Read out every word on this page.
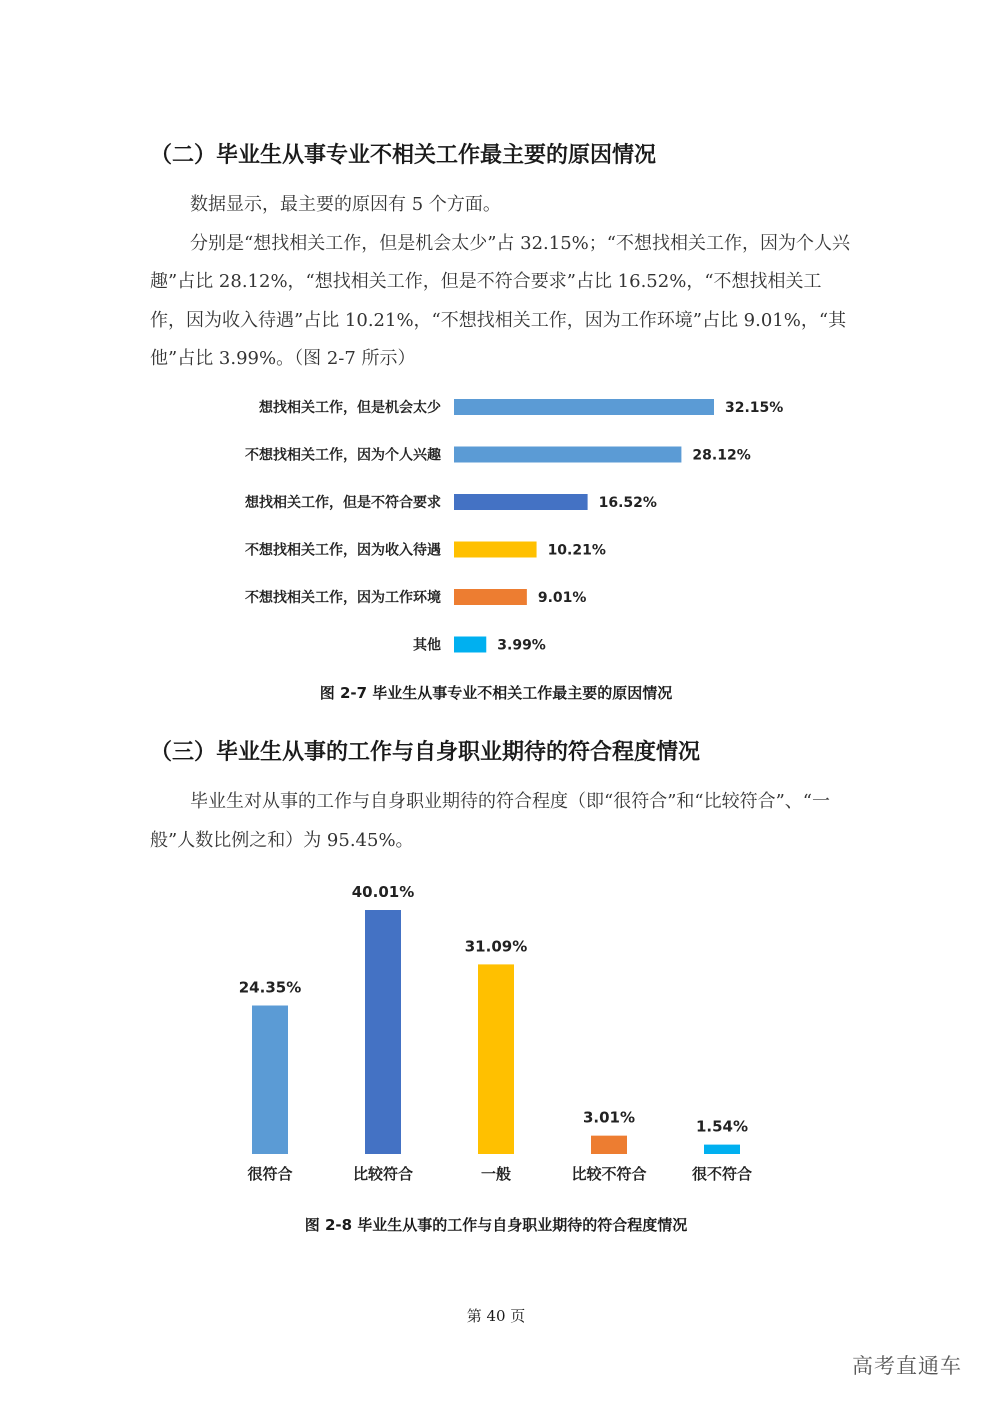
（二）毕业生从事专业不相关工作最主要的原因情况

数据显示，最主要的原因有 5 个方面。

分别是“想找相关工作，但是机会太少”占 32.15%；“不想找相关工作，因为个人兴趣”占比 28.12%，“想找相关工作，但是不符合要求”占比 16.52%，“不想找相关工作，因为收入待遇”占比 10.21%，“不想找相关工作，因为工作环境”占比 9.01%，“其他”占比 3.99%。（图 2-7 所示）

想找相关工作，但是机会太少	32.15%
不想找相关工作，因为个人兴趣	28.12%
想找相关工作，但是不符合要求	16.52%
不想找相关工作，因为收入待遇	10.21%
不想找相关工作，因为工作环境	9.01%
其他	3.99%
图 2-7 毕业生从事专业不相关工作最主要的原因情况
（三）毕业生从事的工作与自身职业期待的符合程度情况

毕业生对从事的工作与自身职业期待的符合程度（即“很符合”和“比较符合”、“一般”人数比例之和）为 95.45%。

24.35%
很符合
40.01%
比较符合
31.09%
一般
3.01%
比较不符合
1.54%
很不符合
图 2-8 毕业生从事的工作与自身职业期待的符合程度情况
第 40 页
高考直通车
